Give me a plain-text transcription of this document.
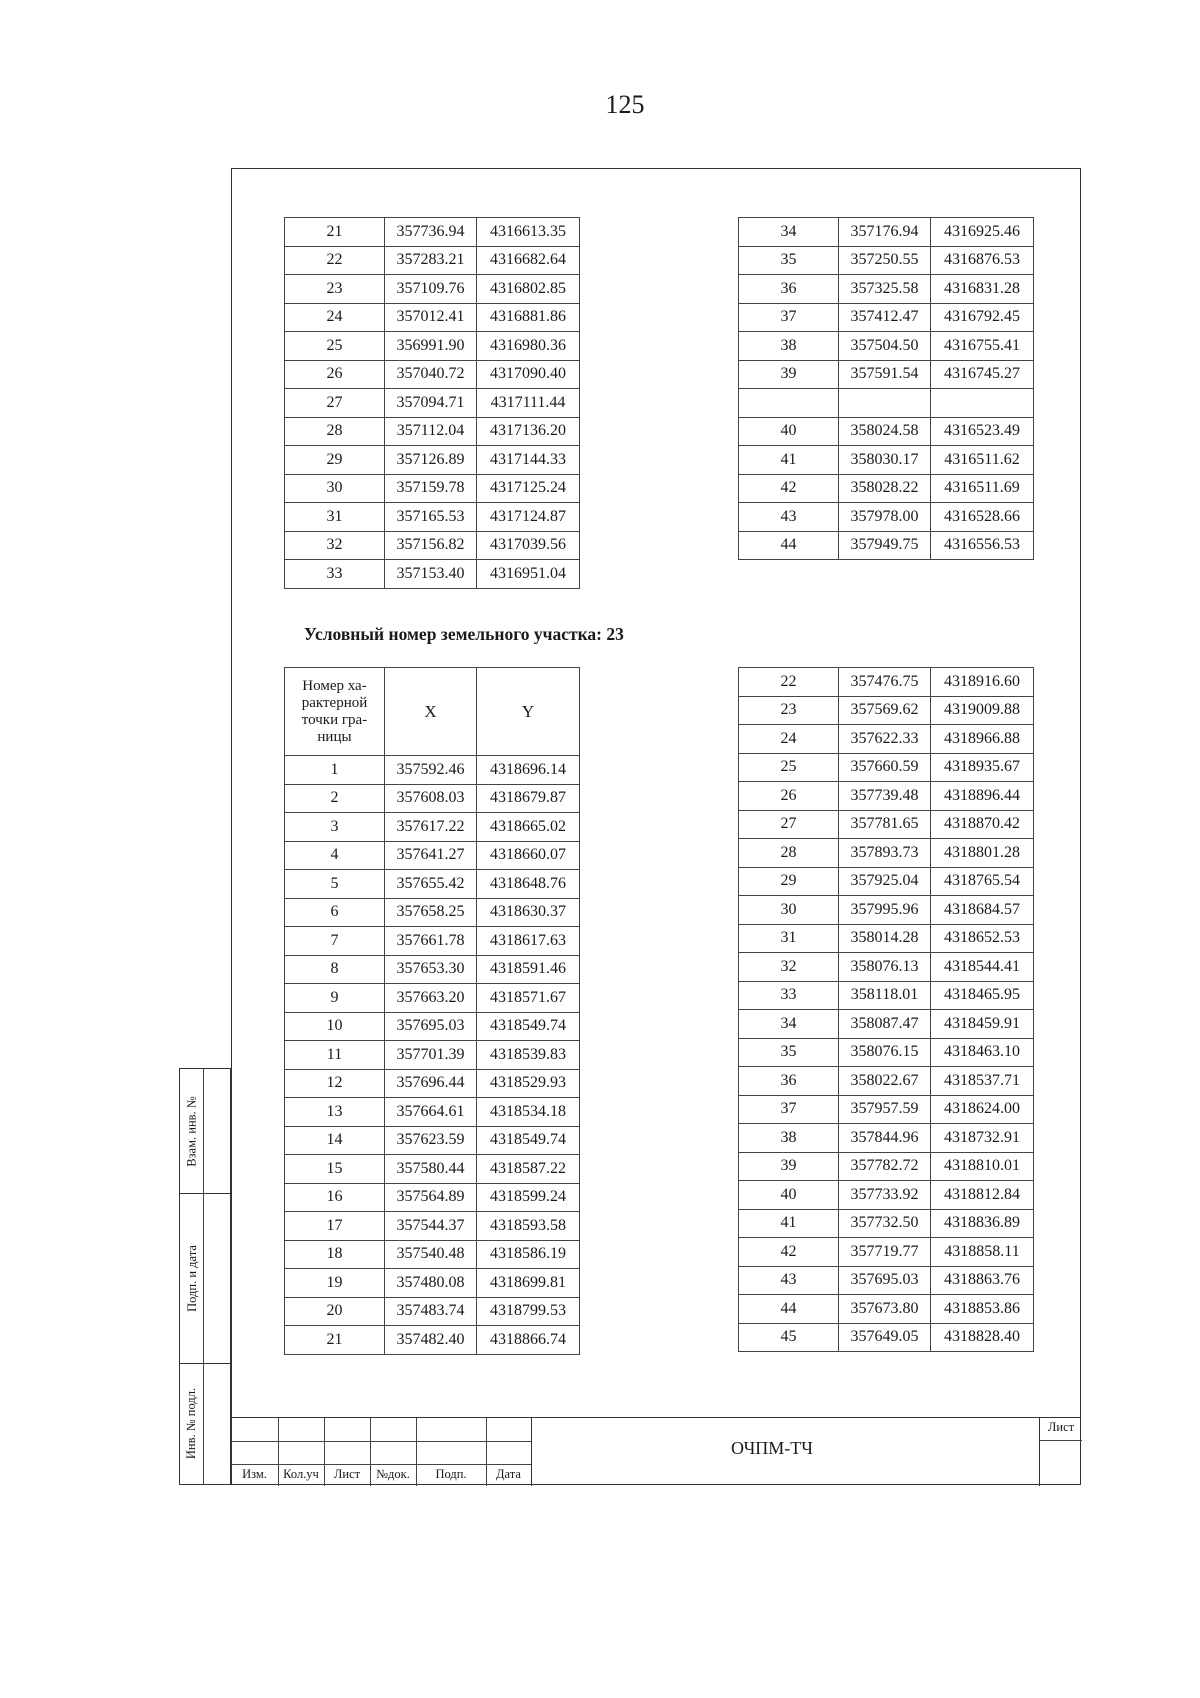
125
21	357736.94	4316613.35
22	357283.21	4316682.64
23	357109.76	4316802.85
24	357012.41	4316881.86
25	356991.90	4316980.36
26	357040.72	4317090.40
27	357094.71	4317111.44
28	357112.04	4317136.20
29	357126.89	4317144.33
30	357159.78	4317125.24
31	357165.53	4317124.87
32	357156.82	4317039.56
33	357153.40	4316951.04
34	357176.94	4316925.46
35	357250.55	4316876.53
36	357325.58	4316831.28
37	357412.47	4316792.45
38	357504.50	4316755.41
39	357591.54	4316745.27

40	358024.58	4316523.49
41	358030.17	4316511.62
42	358028.22	4316511.69
43	357978.00	4316528.66
44	357949.75	4316556.53
Условный номер земельного участка: 23
Номер ха-
рактерной
точки гра-
ницы	X	Y
1	357592.46	4318696.14
2	357608.03	4318679.87
3	357617.22	4318665.02
4	357641.27	4318660.07
5	357655.42	4318648.76
6	357658.25	4318630.37
7	357661.78	4318617.63
8	357653.30	4318591.46
9	357663.20	4318571.67
10	357695.03	4318549.74
11	357701.39	4318539.83
12	357696.44	4318529.93
13	357664.61	4318534.18
14	357623.59	4318549.74
15	357580.44	4318587.22
16	357564.89	4318599.24
17	357544.37	4318593.58
18	357540.48	4318586.19
19	357480.08	4318699.81
20	357483.74	4318799.53
21	357482.40	4318866.74
22	357476.75	4318916.60
23	357569.62	4319009.88
24	357622.33	4318966.88
25	357660.59	4318935.67
26	357739.48	4318896.44
27	357781.65	4318870.42
28	357893.73	4318801.28
29	357925.04	4318765.54
30	357995.96	4318684.57
31	358014.28	4318652.53
32	358076.13	4318544.41
33	358118.01	4318465.95
34	358087.47	4318459.91
35	358076.15	4318463.10
36	358022.67	4318537.71
37	357957.59	4318624.00
38	357844.96	4318732.91
39	357782.72	4318810.01
40	357733.92	4318812.84
41	357732.50	4318836.89
42	357719.77	4318858.11
43	357695.03	4318863.76
44	357673.80	4318853.86
45	357649.05	4318828.40
Взам. инв. №
Подп. и дата
Инв. № подл.
Изм.	Кол.уч	Лист	№док.	Подп.	Дата
ОЧПМ-ТЧ
Лист
